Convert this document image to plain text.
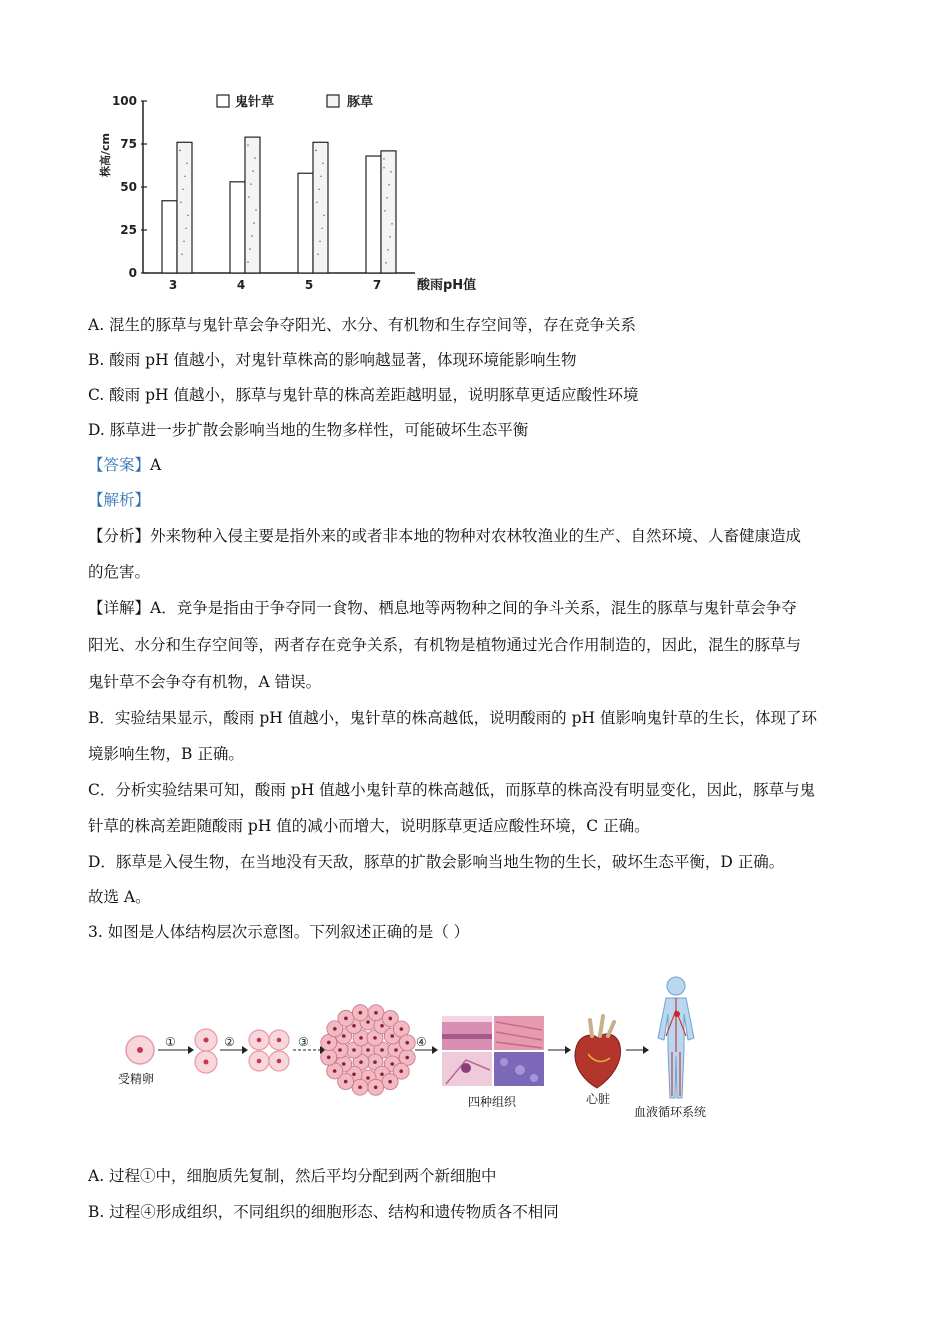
0
25
50
75
100
3	4	5	7
鬼针草	豚草
株高/cm
酸雨pH值
A. 混生的豚草与鬼针草会争夺阳光、水分、有机物和生存空间等，存在竞争关系
B. 酸雨 pH 值越小，对鬼针草株高的影响越显著，体现环境能影响生物
C. 酸雨 pH 值越小，豚草与鬼针草的株高差距越明显，说明豚草更适应酸性环境
D. 豚草进一步扩散会影响当地的生物多样性，可能破坏生态平衡
【答案】A
【解析】
【分析】外来物种入侵主要是指外来的或者非本地的物种对农林牧渔业的生产、自然环境、人畜健康造成
的危害。
【详解】A．竞争是指由于争夺同一食物、栖息地等两物种之间的争斗关系，混生的豚草与鬼针草会争夺
阳光、水分和生存空间等，两者存在竞争关系，有机物是植物通过光合作用制造的，因此，混生的豚草与
鬼针草不会争夺有机物，A 错误。
B．实验结果显示，酸雨 pH 值越小，鬼针草的株高越低，说明酸雨的 pH 值影响鬼针草的生长，体现了环
境影响生物，B 正确。
C．分析实验结果可知，酸雨 pH 值越小鬼针草的株高越低，而豚草的株高没有明显变化，因此，豚草与鬼
针草的株高差距随酸雨 pH 值的减小而增大，说明豚草更适应酸性环境，C 正确。
D．豚草是入侵生物，在当地没有天敌，豚草的扩散会影响当地生物的生长，破坏生态平衡，D 正确。
故选 A。
3. 如图是人体结构层次示意图。下列叙述正确的是（ ）
受精卵
①	②	③	④
四种组织	心脏
血液循环系统
A. 过程①中，细胞质先复制，然后平均分配到两个新细胞中
B. 过程④形成组织，不同组织的细胞形态、结构和遗传物质各不相同
